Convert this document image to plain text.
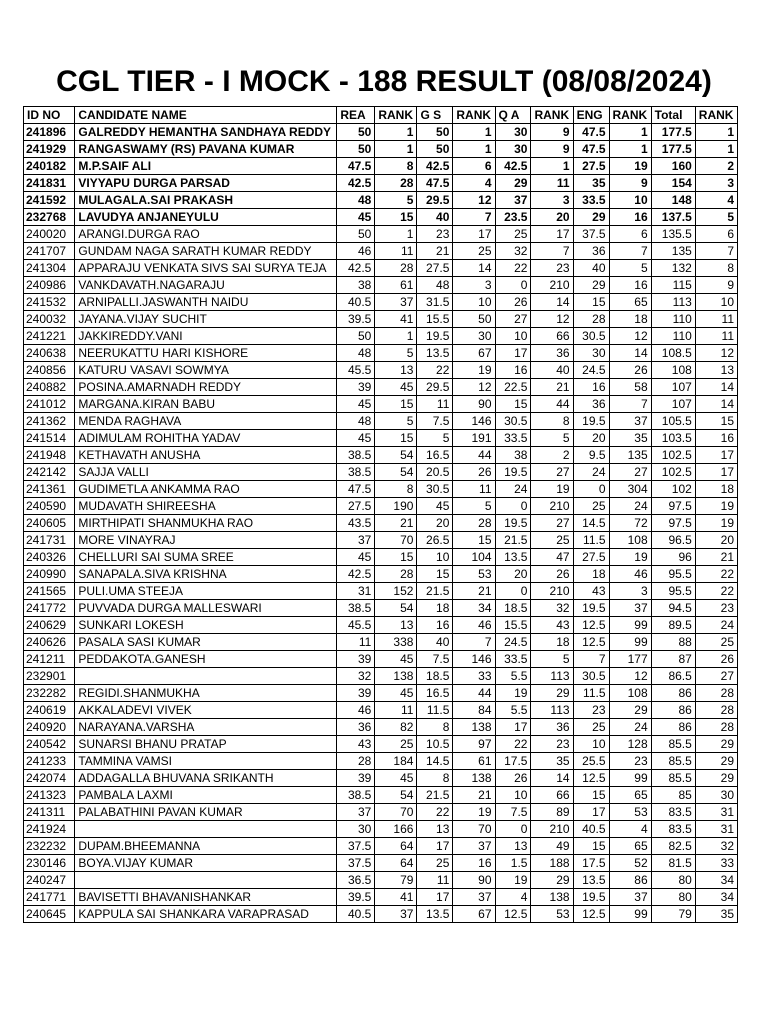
CGL TIER - I MOCK - 188 RESULT (08/08/2024)
ID NO	CANDIDATE NAME	REA	RANK	G S	RANK	Q A	RANK	ENG	RANK	Total	RANK
241896	GALREDDY HEMANTHA SANDHAYA REDDY	50	1	50	1	30	9	47.5	1	177.5	1
241929	RANGASWAMY (RS) PAVANA KUMAR	50	1	50	1	30	9	47.5	1	177.5	1
240182	M.P.SAIF ALI	47.5	8	42.5	6	42.5	1	27.5	19	160	2
241831	VIYYAPU DURGA PARSAD	42.5	28	47.5	4	29	11	35	9	154	3
241592	MULAGALA.SAI PRAKASH	48	5	29.5	12	37	3	33.5	10	148	4
232768	LAVUDYA ANJANEYULU	45	15	40	7	23.5	20	29	16	137.5	5
240020	ARANGI.DURGA RAO	50	1	23	17	25	17	37.5	6	135.5	6
241707	GUNDAM NAGA SARATH KUMAR REDDY	46	11	21	25	32	7	36	7	135	7
241304	APPARAJU VENKATA SIVS SAI SURYA TEJA	42.5	28	27.5	14	22	23	40	5	132	8
240986	VANKDAVATH.NAGARAJU	38	61	48	3	0	210	29	16	115	9
241532	ARNIPALLI.JASWANTH NAIDU	40.5	37	31.5	10	26	14	15	65	113	10
240032	JAYANA.VIJAY SUCHIT	39.5	41	15.5	50	27	12	28	18	110	11
241221	JAKKIREDDY.VANI	50	1	19.5	30	10	66	30.5	12	110	11
240638	NEERUKATTU HARI KISHORE	48	5	13.5	67	17	36	30	14	108.5	12
240856	KATURU VASAVI SOWMYA	45.5	13	22	19	16	40	24.5	26	108	13
240882	POSINA.AMARNADH REDDY	39	45	29.5	12	22.5	21	16	58	107	14
241012	MARGANA.KIRAN BABU	45	15	11	90	15	44	36	7	107	14
241362	MENDA RAGHAVA	48	5	7.5	146	30.5	8	19.5	37	105.5	15
241514	ADIMULAM ROHITHA YADAV	45	15	5	191	33.5	5	20	35	103.5	16
241948	KETHAVATH ANUSHA	38.5	54	16.5	44	38	2	9.5	135	102.5	17
242142	SAJJA VALLI	38.5	54	20.5	26	19.5	27	24	27	102.5	17
241361	GUDIMETLA ANKAMMA RAO	47.5	8	30.5	11	24	19	0	304	102	18
240590	MUDAVATH SHIREESHA	27.5	190	45	5	0	210	25	24	97.5	19
240605	MIRTHIPATI SHANMUKHA RAO	43.5	21	20	28	19.5	27	14.5	72	97.5	19
241731	MORE VINAYRAJ	37	70	26.5	15	21.5	25	11.5	108	96.5	20
240326	CHELLURI SAI SUMA SREE	45	15	10	104	13.5	47	27.5	19	96	21
240990	SANAPALA.SIVA KRISHNA	42.5	28	15	53	20	26	18	46	95.5	22
241565	PULI.UMA STEEJA	31	152	21.5	21	0	210	43	3	95.5	22
241772	PUVVADA DURGA MALLESWARI	38.5	54	18	34	18.5	32	19.5	37	94.5	23
240629	SUNKARI LOKESH	45.5	13	16	46	15.5	43	12.5	99	89.5	24
240626	PASALA SASI KUMAR	11	338	40	7	24.5	18	12.5	99	88	25
241211	PEDDAKOTA.GANESH	39	45	7.5	146	33.5	5	7	177	87	26
232901		32	138	18.5	33	5.5	113	30.5	12	86.5	27
232282	REGIDI.SHANMUKHA	39	45	16.5	44	19	29	11.5	108	86	28
240619	AKKALADEVI VIVEK	46	11	11.5	84	5.5	113	23	29	86	28
240920	NARAYANA.VARSHA	36	82	8	138	17	36	25	24	86	28
240542	SUNARSI BHANU PRATAP	43	25	10.5	97	22	23	10	128	85.5	29
241233	TAMMINA VAMSI	28	184	14.5	61	17.5	35	25.5	23	85.5	29
242074	ADDAGALLA BHUVANA SRIKANTH	39	45	8	138	26	14	12.5	99	85.5	29
241323	PAMBALA LAXMI	38.5	54	21.5	21	10	66	15	65	85	30
241311	PALABATHINI PAVAN KUMAR	37	70	22	19	7.5	89	17	53	83.5	31
241924		30	166	13	70	0	210	40.5	4	83.5	31
232232	DUPAM.BHEEMANNA	37.5	64	17	37	13	49	15	65	82.5	32
230146	BOYA.VIJAY KUMAR	37.5	64	25	16	1.5	188	17.5	52	81.5	33
240247		36.5	79	11	90	19	29	13.5	86	80	34
241771	BAVISETTI BHAVANISHANKAR	39.5	41	17	37	4	138	19.5	37	80	34
240645	KAPPULA SAI SHANKARA VARAPRASAD	40.5	37	13.5	67	12.5	53	12.5	99	79	35
